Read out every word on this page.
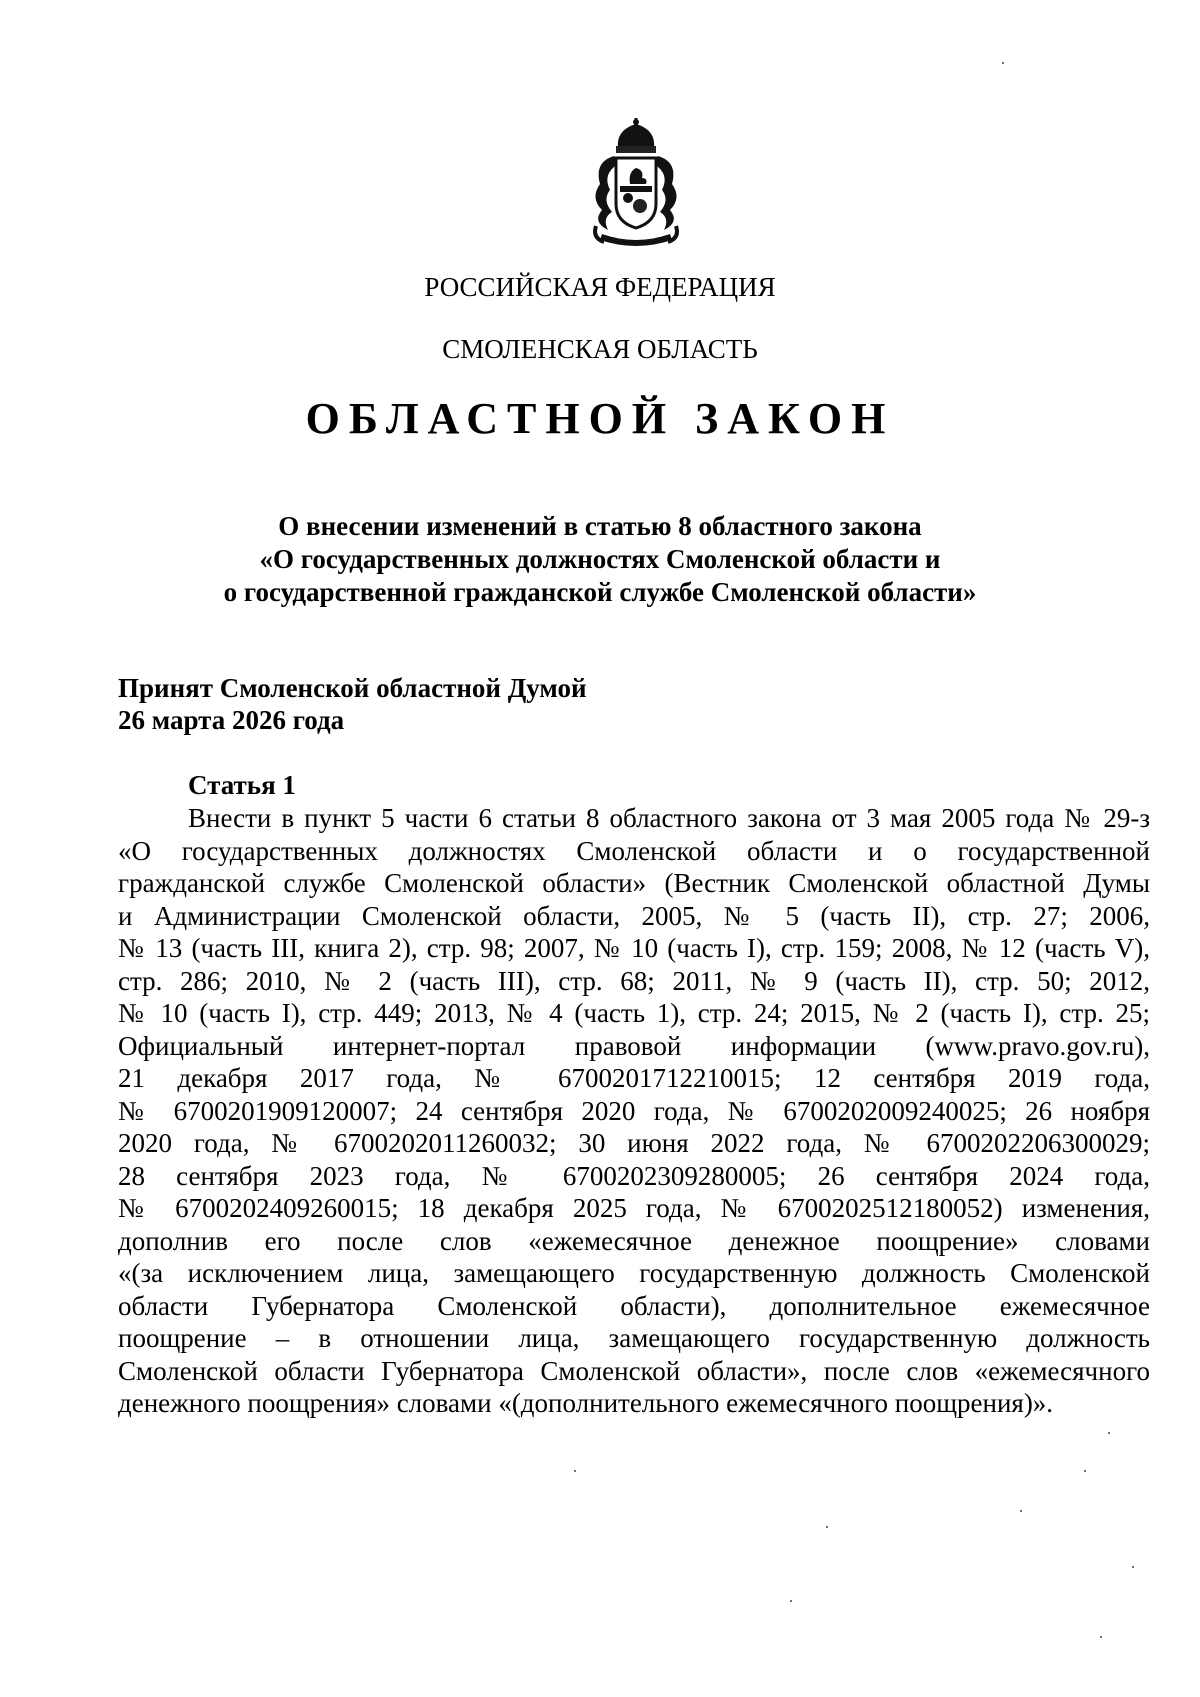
РОССИЙСКАЯ ФЕДЕРАЦИЯ
СМОЛЕНСКАЯ ОБЛАСТЬ
ОБЛАСТНОЙ ЗАКОН
О внесении изменений в статью 8 областного закона
«О государственных должностях Смоленской области и
о государственной гражданской службе Смоленской области»
Принят Смоленской областной Думой
26 марта 2026 года
Статья 1
Внести в пункт 5 части 6 статьи 8 областного закона от 3 мая 2005 года № 29-з
«О государственных должностях Смоленской области и о государственной
гражданской службе Смоленской области» (Вестник Смоленской областной Думы
и Администрации Смоленской области, 2005, № 5 (часть II), стр. 27; 2006,
№ 13 (часть III, книга 2), стр. 98; 2007, № 10 (часть I), стр. 159; 2008, № 12 (часть V),
стр. 286; 2010, № 2 (часть III), стр. 68; 2011, № 9 (часть II), стр. 50; 2012,
№ 10 (часть I), стр. 449; 2013, № 4 (часть 1), стр. 24; 2015, № 2 (часть I), стр. 25;
Официальный интернет-портал правовой информации (www.pravo.gov.ru),
21 декабря 2017 года, № 6700201712210015; 12 сентября 2019 года,
№ 6700201909120007; 24 сентября 2020 года, № 6700202009240025; 26 ноября
2020 года, № 6700202011260032; 30 июня 2022 года, № 6700202206300029;
28 сентября 2023 года, № 6700202309280005; 26 сентября 2024 года,
№ 6700202409260015; 18 декабря 2025 года, № 6700202512180052) изменения,
дополнив его после слов «ежемесячное денежное поощрение» словами
«(за исключением лица, замещающего государственную должность Смоленской
области Губернатора Смоленской области), дополнительное ежемесячное
поощрение – в отношении лица, замещающего государственную должность
Смоленской области Губернатора Смоленской области», после слов «ежемесячного
денежного поощрения» словами «(дополнительного ежемесячного поощрения)».
